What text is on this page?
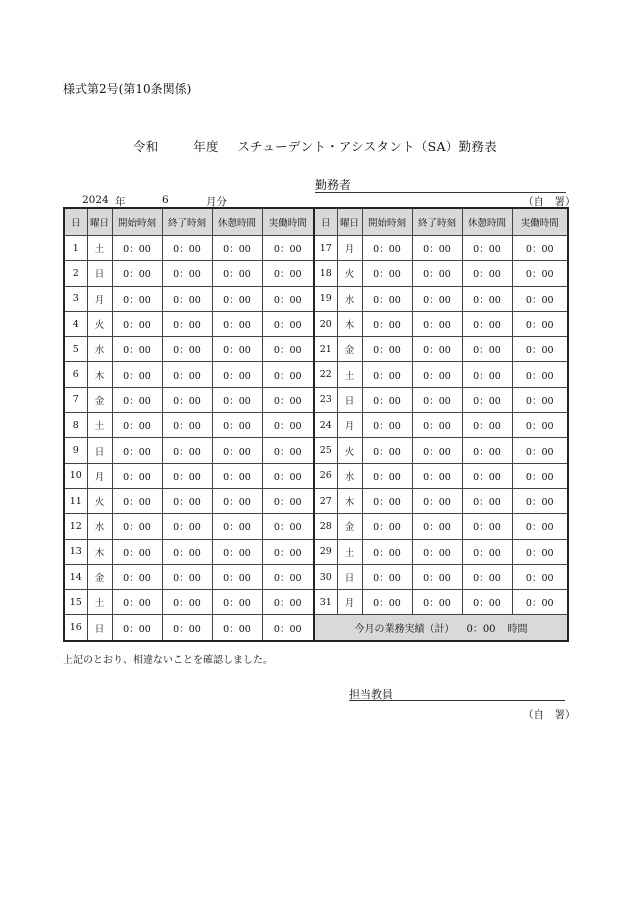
様式第2号(第10条関係)
令和	年度 スチューデント・アシスタント（SA）勤務表
勤務者
2024 年	6	月分	（自　署）
日	曜日	開始時刻	終了時刻	休憩時間	実働時間	日	曜日	開始時刻	終了時刻	休憩時間	実働時間
1	土	0：00	0：00	0：00	0：00	17	月	0：00	0：00	0：00	0：00
2	日	0：00	0：00	0：00	0：00	18	火	0：00	0：00	0：00	0：00
3	月	0：00	0：00	0：00	0：00	19	水	0：00	0：00	0：00	0：00
4	火	0：00	0：00	0：00	0：00	20	木	0：00	0：00	0：00	0：00
5	水	0：00	0：00	0：00	0：00	21	金	0：00	0：00	0：00	0：00
6	木	0：00	0：00	0：00	0：00	22	土	0：00	0：00	0：00	0：00
7	金	0：00	0：00	0：00	0：00	23	日	0：00	0：00	0：00	0：00
8	土	0：00	0：00	0：00	0：00	24	月	0：00	0：00	0：00	0：00
9	日	0：00	0：00	0：00	0：00	25	火	0：00	0：00	0：00	0：00
10	月	0：00	0：00	0：00	0：00	26	水	0：00	0：00	0：00	0：00
11	火	0：00	0：00	0：00	0：00	27	木	0：00	0：00	0：00	0：00
12	水	0：00	0：00	0：00	0：00	28	金	0：00	0：00	0：00	0：00
13	木	0：00	0：00	0：00	0：00	29	土	0：00	0：00	0：00	0：00
14	金	0：00	0：00	0：00	0：00	30	日	0：00	0：00	0：00	0：00
15	土	0：00	0：00	0：00	0：00	31	月	0：00	0：00	0：00	0：00
16	日	0：00	0：00	0：00	0：00	今月の業務実績（計） 0：00 時間					
上記のとおり、相違ないことを確認しました。
担当教員
（自　署）
